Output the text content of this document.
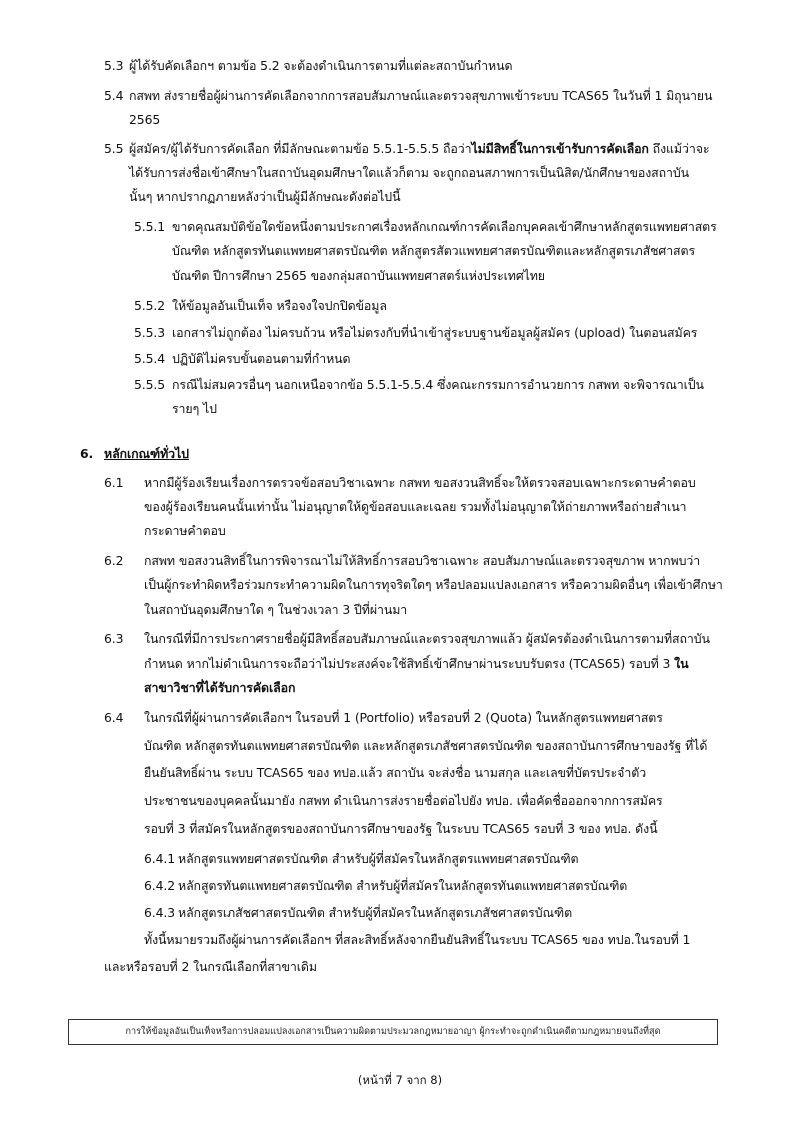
5.3 ผู้ได้รับคัดเลือกฯ ตามข้อ 5.2 จะต้องดำเนินการตามที่แต่ละสถาบันกำหนด
5.4 กสพท ส่งรายชื่อผู้ผ่านการคัดเลือกจากการสอบสัมภาษณ์และตรวจสุขภาพเข้าระบบ TCAS65 ในวันที่ 1 มิถุนายน
2565
5.5 ผู้สมัคร/ผู้ได้รับการคัดเลือก ที่มีลักษณะตามข้อ 5.5.1-5.5.5 ถือว่าไม่มีสิทธิ์ในการเข้ารับการคัดเลือก ถึงแม้ว่าจะ
ได้รับการส่งชื่อเข้าศึกษาในสถาบันอุดมศึกษาใดแล้วก็ตาม จะถูกถอนสภาพการเป็นนิสิต/นักศึกษาของสถาบัน
นั้นๆ หากปรากฏภายหลังว่าเป็นผู้มีลักษณะดังต่อไปนี้
5.5.1 ขาดคุณสมบัติข้อใดข้อหนึ่งตามประกาศเรื่องหลักเกณฑ์การคัดเลือกบุคคลเข้าศึกษาหลักสูตรแพทยศาสตร
บัณฑิต หลักสูตรทันตแพทยศาสตรบัณฑิต หลักสูตรสัตวแพทยศาสตรบัณฑิตและหลักสูตรเภสัชศาสตร
บัณฑิต ปีการศึกษา 2565 ของกลุ่มสถาบันแพทยศาสตร์แห่งประเทศไทย
5.5.2 ให้ข้อมูลอันเป็นเท็จ หรือจงใจปกปิดข้อมูล
5.5.3 เอกสารไม่ถูกต้อง ไม่ครบถ้วน หรือไม่ตรงกับที่นำเข้าสู่ระบบฐานข้อมูลผู้สมัคร (upload) ในตอนสมัคร
5.5.4 ปฏิบัติไม่ครบขั้นตอนตามที่กำหนด
5.5.5 กรณีไม่สมควรอื่นๆ นอกเหนือจากข้อ 5.5.1-5.5.4 ซึ่งคณะกรรมการอำนวยการ กสพท จะพิจารณาเป็น
รายๆ ไป
6. หลักเกณฑ์ทั่วไป
6.1 หากมีผู้ร้องเรียนเรื่องการตรวจข้อสอบวิชาเฉพาะ กสพท ขอสงวนสิทธิ์จะให้ตรวจสอบเฉพาะกระดาษคำตอบ
ของผู้ร้องเรียนคนนั้นเท่านั้น ไม่อนุญาตให้ดูข้อสอบและเฉลย รวมทั้งไม่อนุญาตให้ถ่ายภาพหรือถ่ายสำเนา
กระดาษคำตอบ
6.2 กสพท ขอสงวนสิทธิ์ในการพิจารณาไม่ให้สิทธิ์การสอบวิชาเฉพาะ สอบสัมภาษณ์และตรวจสุขภาพ หากพบว่า
เป็นผู้กระทำผิดหรือร่วมกระทำความผิดในการทุจริตใดๆ หรือปลอมแปลงเอกสาร หรือความผิดอื่นๆ เพื่อเข้าศึกษา
ในสถาบันอุดมศึกษาใด ๆ ในช่วงเวลา 3 ปีที่ผ่านมา
6.3 ในกรณีที่มีการประกาศรายชื่อผู้มีสิทธิ์สอบสัมภาษณ์และตรวจสุขภาพแล้ว ผู้สมัครต้องดำเนินการตามที่สถาบัน
กำหนด หากไม่ดำเนินการจะถือว่าไม่ประสงค์จะใช้สิทธิ์เข้าศึกษาผ่านระบบรับตรง (TCAS65) รอบที่ 3 ใน
สาขาวิชาที่ได้รับการคัดเลือก
6.4 ในกรณีที่ผู้ผ่านการคัดเลือกฯ ในรอบที่ 1 (Portfolio) หรือรอบที่ 2 (Quota) ในหลักสูตรแพทยศาสตร
บัณฑิต หลักสูตรทันตแพทยศาสตรบัณฑิต และหลักสูตรเภสัชศาสตรบัณฑิต ของสถาบันการศึกษาของรัฐ ที่ได้
ยืนยันสิทธิ์ผ่าน ระบบ TCAS65 ของ ทปอ.แล้ว สถาบัน จะส่งชื่อ นามสกุล และเลขที่บัตรประจำตัว
ประชาชนของบุคคลนั้นมายัง กสพท ดำเนินการส่งรายชื่อต่อไปยัง ทปอ. เพื่อคัดชื่อออกจากการสมัคร
รอบที่ 3 ที่สมัครในหลักสูตรของสถาบันการศึกษาของรัฐ ในระบบ TCAS65 รอบที่ 3 ของ ทปอ. ดังนี้
6.4.1 หลักสูตรแพทยศาสตรบัณฑิต สำหรับผู้ที่สมัครในหลักสูตรแพทยศาสตรบัณฑิต
6.4.2 หลักสูตรทันตแพทยศาสตรบัณฑิต สำหรับผู้ที่สมัครในหลักสูตรทันตแพทยศาสตรบัณฑิต
6.4.3 หลักสูตรเภสัชศาสตรบัณฑิต สำหรับผู้ที่สมัครในหลักสูตรเภสัชศาสตรบัณฑิต
ทั้งนี้หมายรวมถึงผู้ผ่านการคัดเลือกฯ ที่สละสิทธิ์หลังจากยืนยันสิทธิ์ในระบบ TCAS65 ของ ทปอ.ในรอบที่ 1
และหรือรอบที่ 2 ในกรณีเลือกที่สาขาเดิม
การให้ข้อมูลอันเป็นเท็จหรือการปลอมแปลงเอกสารเป็นความผิดตามประมวลกฎหมายอาญา ผู้กระทำจะถูกดำเนินคดีตามกฎหมายจนถึงที่สุด
(หน้าที่ 7 จาก 8)
